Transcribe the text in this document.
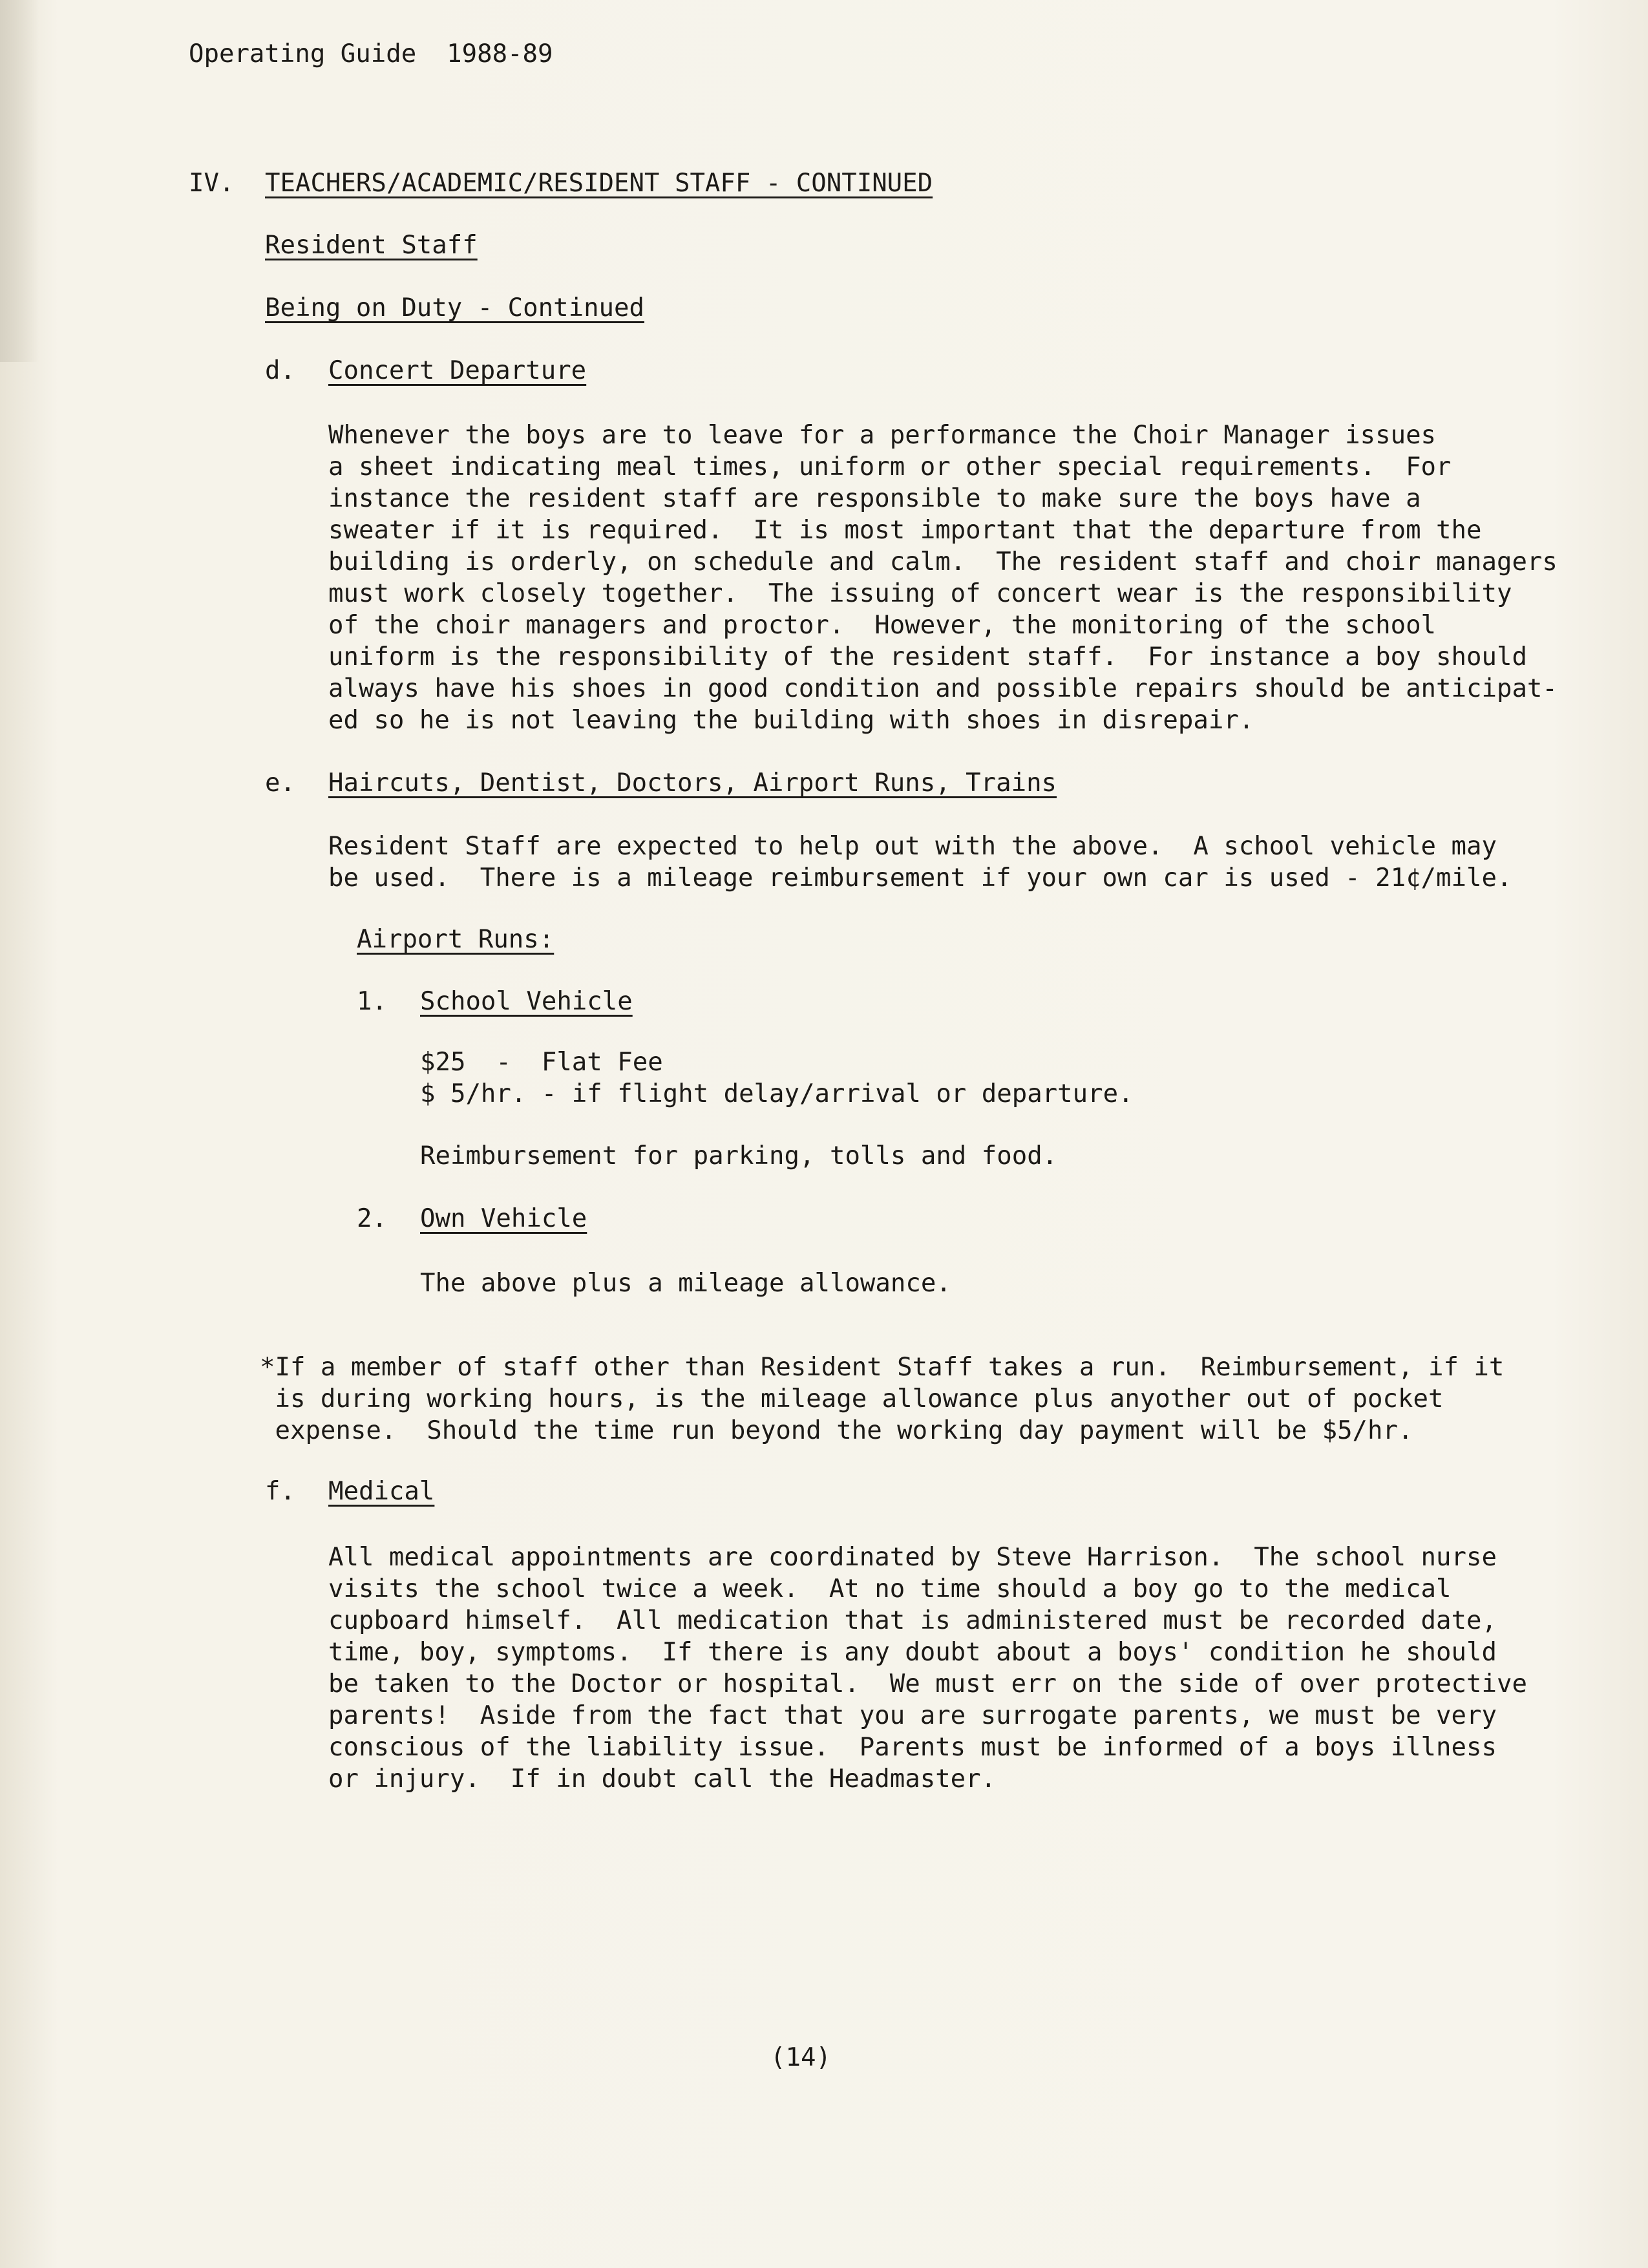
Operating Guide  1988-89
IV. TEACHERS/ACADEMIC/RESIDENT STAFF - CONTINUED
Resident Staff
Being on Duty - Continued
d. Concert Departure
Whenever the boys are to leave for a performance the Choir Manager issues
a sheet indicating meal times, uniform or other special requirements.  For
instance the resident staff are responsible to make sure the boys have a
sweater if it is required.  It is most important that the departure from the
building is orderly, on schedule and calm.  The resident staff and choir managers
must work closely together.  The issuing of concert wear is the responsibility
of the choir managers and proctor.  However, the monitoring of the school
uniform is the responsibility of the resident staff.  For instance a boy should
always have his shoes in good condition and possible repairs should be anticipat-
ed so he is not leaving the building with shoes in disrepair.
e. Haircuts, Dentist, Doctors, Airport Runs, Trains
Resident Staff are expected to help out with the above.  A school vehicle may
be used.  There is a mileage reimbursement if your own car is used - 21¢/mile.
Airport Runs:
1. School Vehicle
$25  -  Flat Fee
$ 5/hr. - if flight delay/arrival or departure.
Reimbursement for parking, tolls and food.
2. Own Vehicle
The above plus a mileage allowance.
*If a member of staff other than Resident Staff takes a run.  Reimbursement, if it
is during working hours, is the mileage allowance plus anyother out of pocket
expense.  Should the time run beyond the working day payment will be $5/hr.
f. Medical
All medical appointments are coordinated by Steve Harrison.  The school nurse
visits the school twice a week.  At no time should a boy go to the medical
cupboard himself.  All medication that is administered must be recorded date,
time, boy, symptoms.  If there is any doubt about a boys' condition he should
be taken to the Doctor or hospital.  We must err on the side of over protective
parents!  Aside from the fact that you are surrogate parents, we must be very
conscious of the liability issue.  Parents must be informed of a boys illness
or injury.  If in doubt call the Headmaster.
(14)
